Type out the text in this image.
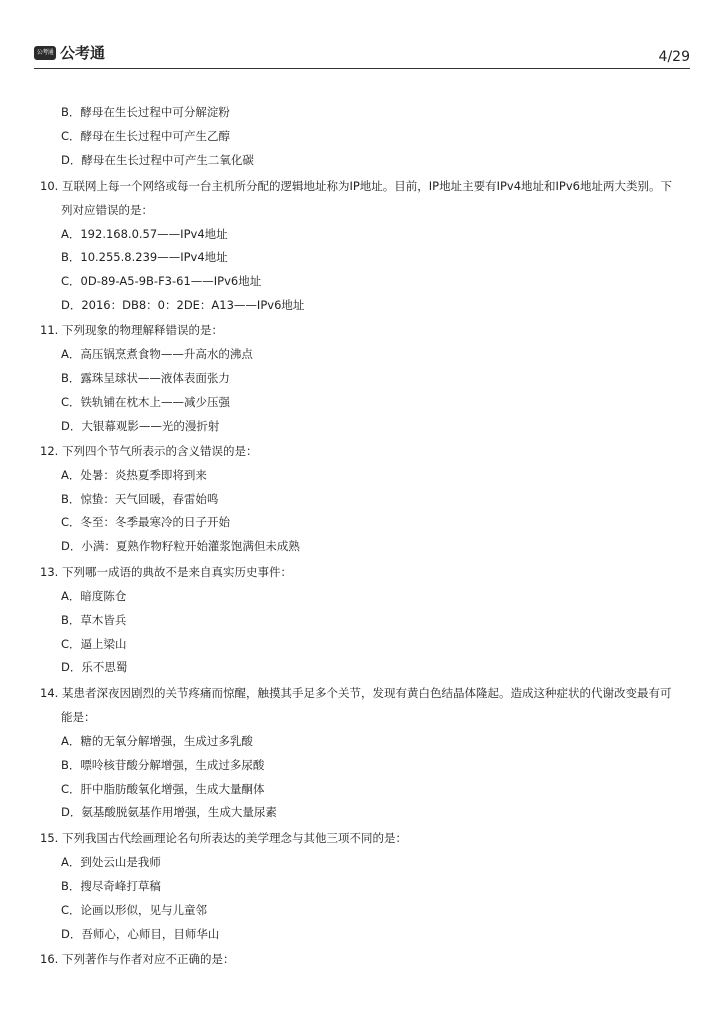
公考通 公考通	4/29
B．酵母在生长过程中可分解淀粉
C．酵母在生长过程中可产生乙醇
D．酵母在生长过程中可产生二氧化碳
10. 互联网上每一个网络或每一台主机所分配的逻辑地址称为IP地址。目前，IP地址主要有IPv4地址和IPv6地址两大类别。下
列对应错误的是：
A．192.168.0.57——IPv4地址
B．10.255.8.239——IPv4地址
C．0D-89-A5-9B-F3-61——IPv6地址
D．2016：DB8：0：2DE：A13——IPv6地址
11. 下列现象的物理解释错误的是：
A．高压锅烹煮食物——升高水的沸点
B．露珠呈球状——液体表面张力
C．铁轨铺在枕木上——减少压强
D．大银幕观影——光的漫折射
12. 下列四个节气所表示的含义错误的是：
A．处暑：炎热夏季即将到来
B．惊蛰：天气回暖，春雷始鸣
C．冬至：冬季最寒冷的日子开始
D．小满：夏熟作物籽粒开始灌浆饱满但未成熟
13. 下列哪一成语的典故不是来自真实历史事件：
A．暗度陈仓
B．草木皆兵
C．逼上梁山
D．乐不思蜀
14. 某患者深夜因剧烈的关节疼痛而惊醒，触摸其手足多个关节，发现有黄白色结晶体隆起。造成这种症状的代谢改变最有可
能是：
A．糖的无氧分解增强，生成过多乳酸
B．嘌呤核苷酸分解增强，生成过多尿酸
C．肝中脂肪酸氧化增强，生成大量酮体
D．氨基酸脱氨基作用增强，生成大量尿素
15. 下列我国古代绘画理论名句所表达的美学理念与其他三项不同的是：
A．到处云山是我师
B．搜尽奇峰打草稿
C．论画以形似，见与儿童邻
D．吾师心，心师目，目师华山
16. 下列著作与作者对应不正确的是：
